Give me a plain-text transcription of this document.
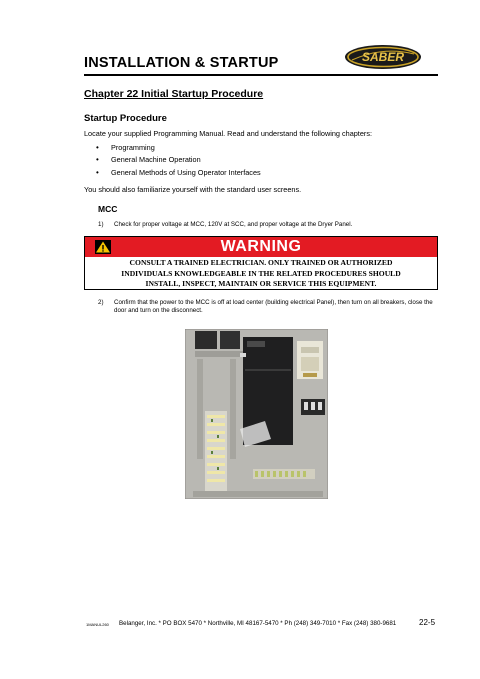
INSTALLATION & STARTUP	SABER
Chapter 22 Initial Startup Procedure
Startup Procedure
Locate your supplied Programming Manual. Read and understand the following chapters:
• Programming
• General Machine Operation
• General Methods of Using Operator Interfaces
You should also familiarize yourself with the standard user screens.
MCC
1) Check for proper voltage at MCC, 120V at SCC, and proper voltage at the Dryer Panel.
WARNING
CONSULT A TRAINED ELECTRICIAN. ONLY TRAINED OR AUTHORIZED
INDIVIDUALS KNOWLEDGEABLE IN THE RELATED PROCEDURES SHOULD
INSTALL, INSPECT, MAINTAIN OR SERVICE THIS EQUIPMENT.
2) Confirm that the power to the MCC is off at load center (building electrical Panel), then turn on all breakers, close the door and turn on the disconnect.
1MANUL260 Belanger, Inc. * PO BOX 5470 * Northville, MI 48167-5470 * Ph (248) 349-7010 * Fax (248) 380-9681	22-5
